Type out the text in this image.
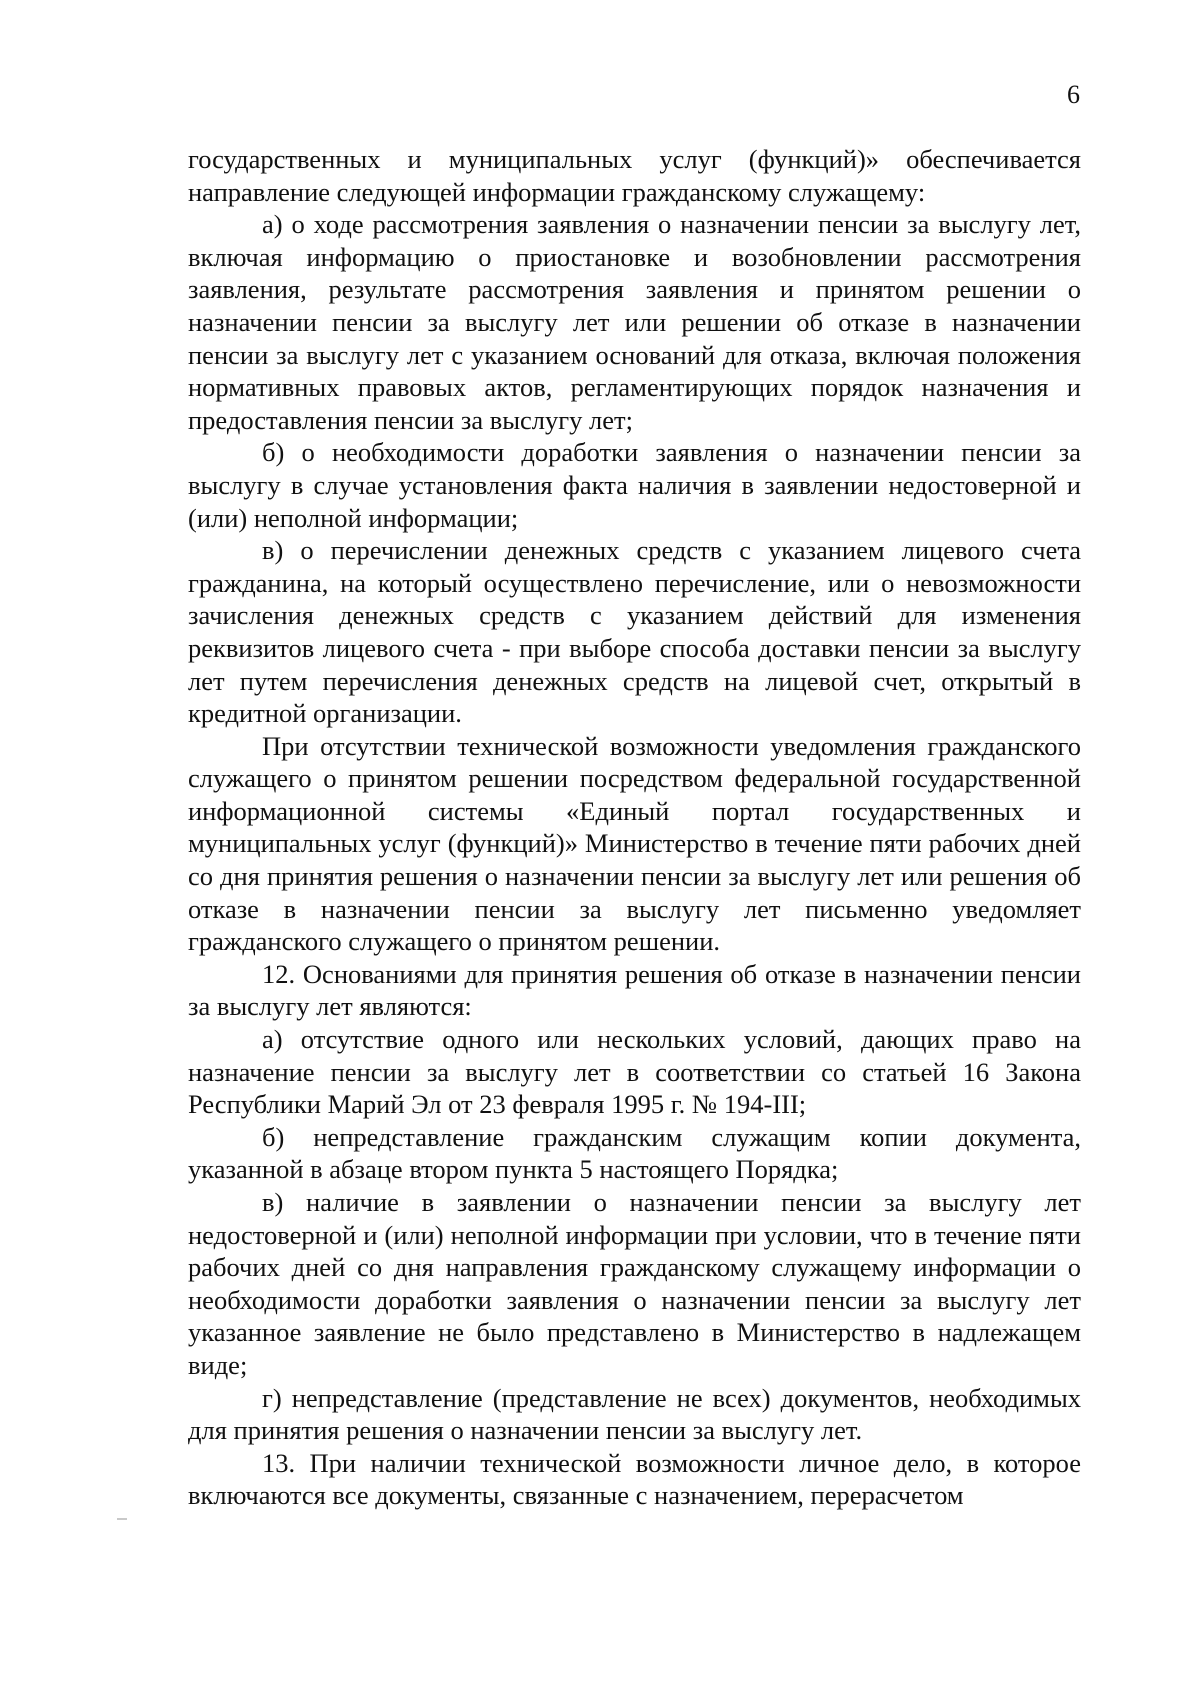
6

государственных и муниципальных услуг (функций)» обеспечивается направление следующей информации гражданскому служащему:

а) о ходе рассмотрения заявления о назначении пенсии за выслугу лет, включая информацию о приостановке и возобновлении рассмотрения заявления, результате рассмотрения заявления и принятом решении о назначении пенсии за выслугу лет или решении об отказе в назначении пенсии за выслугу лет с указанием оснований для отказа, включая положения нормативных правовых актов, регламентирующих порядок назначения и предоставления пенсии за выслугу лет;

б) о необходимости доработки заявления о назначении пенсии за выслугу в случае установления факта наличия в заявлении недостоверной и (или) неполной информации;

в) о перечислении денежных средств с указанием лицевого счета гражданина, на который осуществлено перечисление, или о невозможности зачисления денежных средств с указанием действий для изменения реквизитов лицевого счета - при выборе способа доставки пенсии за выслугу лет путем перечисления денежных средств на лицевой счет, открытый в кредитной организации.

При отсутствии технической возможности уведомления гражданского служащего о принятом решении посредством федеральной государственной информационной системы «Единый портал государственных и муниципальных услуг (функций)» Министерство в течение пяти рабочих дней со дня принятия решения о назначении пенсии за выслугу лет или решения об отказе в назначении пенсии за выслугу лет письменно уведомляет гражданского служащего о принятом решении.

12. Основаниями для принятия решения об отказе в назначении пенсии за выслугу лет являются:

а) отсутствие одного или нескольких условий, дающих право на назначение пенсии за выслугу лет в соответствии со статьей 16 Закона Республики Марий Эл от 23 февраля 1995 г. № 194-III;

б) непредставление гражданским служащим копии документа, указанной в абзаце втором пункта 5 настоящего Порядка;

в) наличие в заявлении о назначении пенсии за выслугу лет недостоверной и (или) неполной информации при условии, что в течение пяти рабочих дней со дня направления гражданскому служащему информации о необходимости доработки заявления о назначении пенсии за выслугу лет указанное заявление не было представлено в Министерство в надлежащем виде;

г) непредставление (представление не всех) документов, необходимых для принятия решения о назначении пенсии за выслугу лет.

13. При наличии технической возможности личное дело, в которое включаются все документы, связанные с назначением, перерасчетом
